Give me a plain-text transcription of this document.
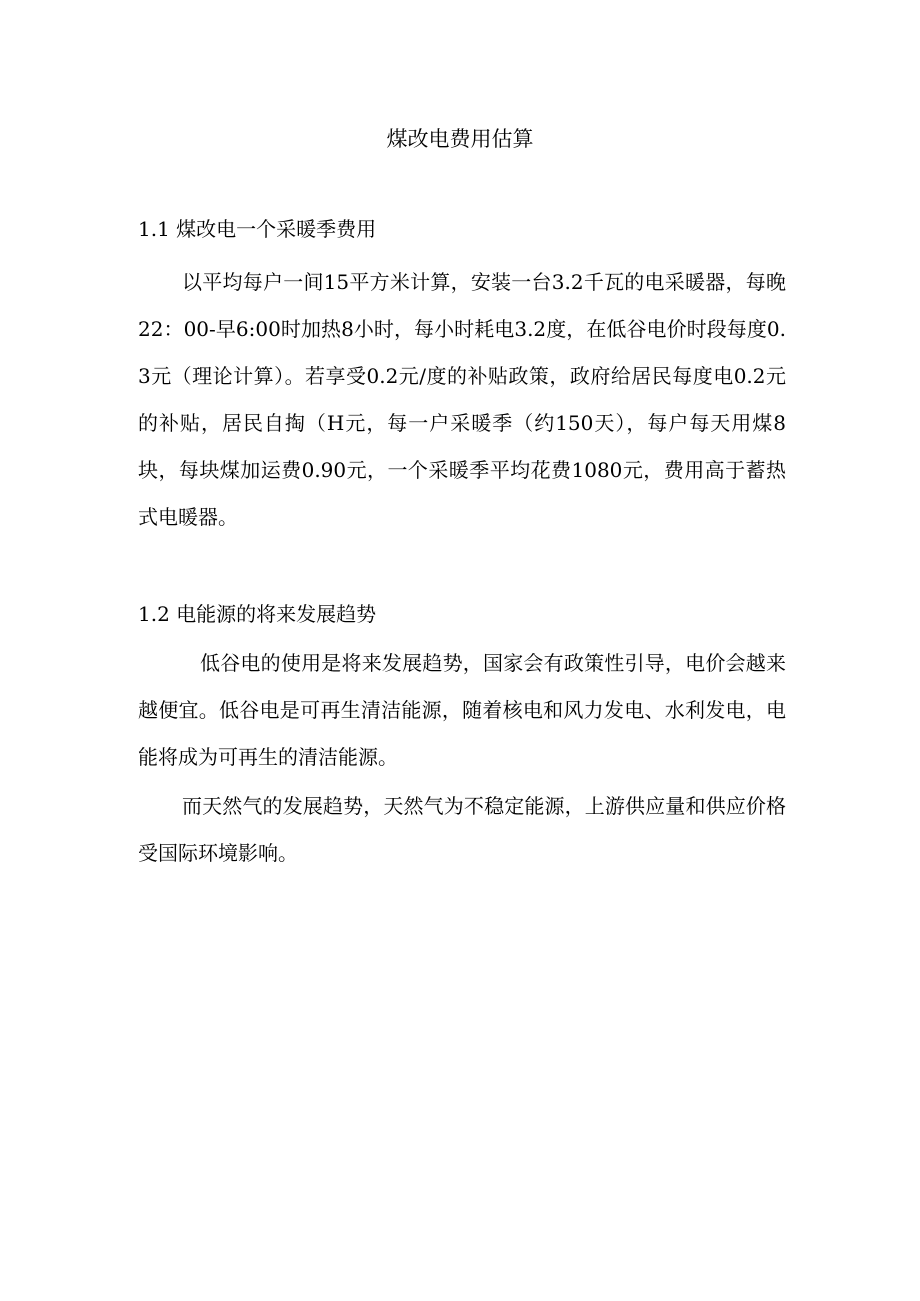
煤改电费用估算
1.1 煤改电一个采暖季费用

以平均每户一间15平方米计算，安装一台3.2千瓦的电采暖器，每晚22：00-早6:00时加热8小时，每小时耗电3.2度，在低谷电价时段每度0.3元（理论计算）。若享受0.2元/度的补贴政策，政府给居民每度电0.2元的补贴，居民自掏（H元，每一户采暖季（约150天），每户每天用煤8块，每块煤加运费0.90元，一个采暖季平均花费1080元，费用高于蓄热式电暖器。

1.2 电能源的将来发展趋势

低谷电的使用是将来发展趋势，国家会有政策性引导，电价会越来越便宜。低谷电是可再生清洁能源，随着核电和风力发电、水利发电，电能将成为可再生的清洁能源。

而天然气的发展趋势，天然气为不稳定能源，上游供应量和供应价格受国际环境影响。
